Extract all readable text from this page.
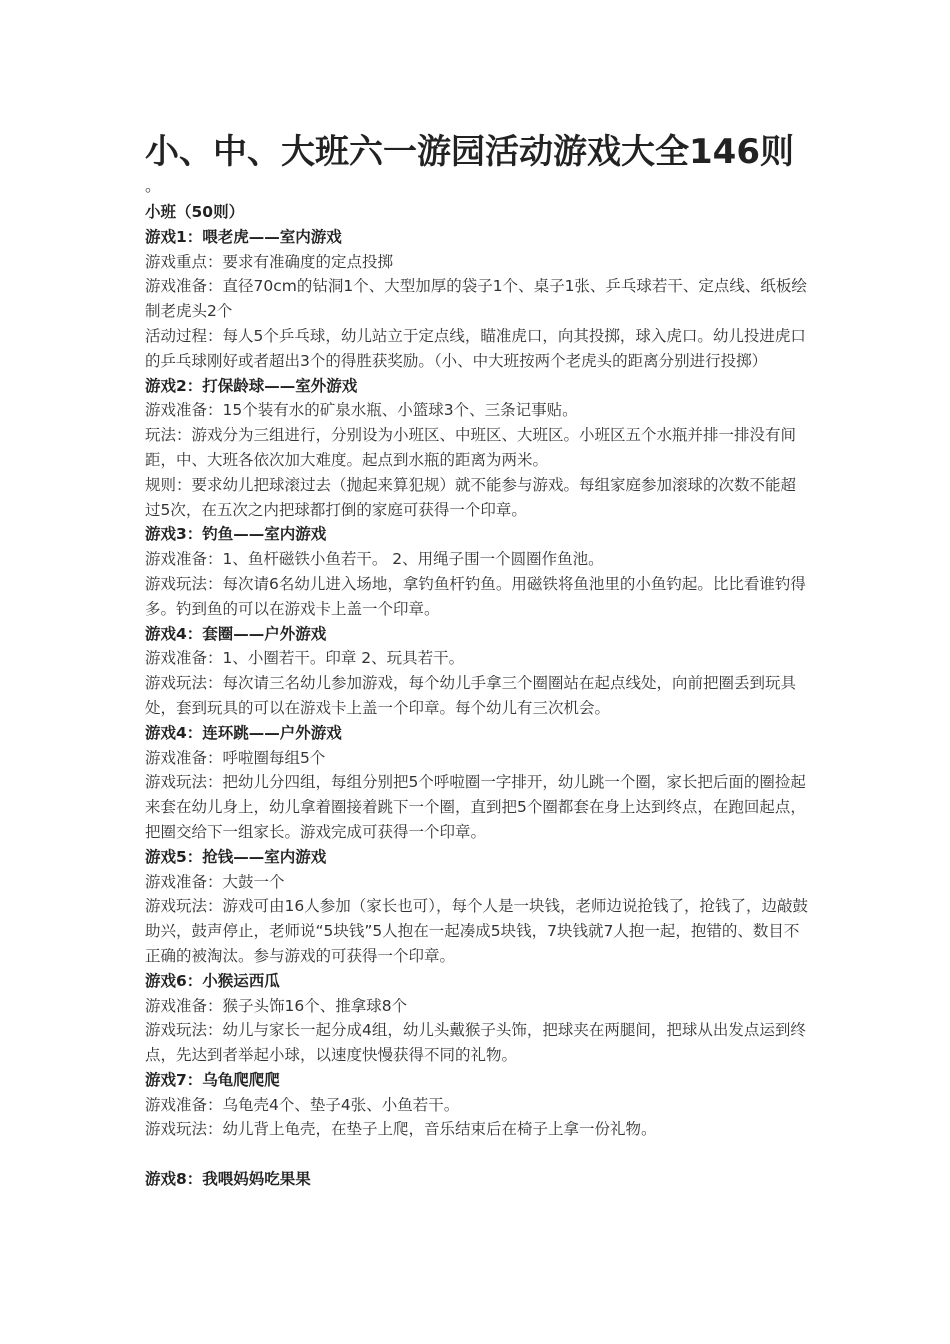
小、中、大班六一游园活动游戏大全146则
。

小班（50则）

游戏1：喂老虎——室内游戏

游戏重点：要求有准确度的定点投掷

游戏准备：直径70cm的钻洞1个、大型加厚的袋子1个、桌子1张、乒乓球若干、定点线、纸板绘制老虎头2个

活动过程：每人5个乒乓球，幼儿站立于定点线，瞄准虎口，向其投掷，球入虎口。幼儿投进虎口的乒乓球刚好或者超出3个的得胜获奖励。（小、中大班按两个老虎头的距离分别进行投掷）

游戏2：打保龄球——室外游戏

游戏准备：15个装有水的矿泉水瓶、小篮球3个、三条记事贴。

玩法：游戏分为三组进行，分别设为小班区、中班区、大班区。小班区五个水瓶并排一排没有间距，中、大班各依次加大难度。起点到水瓶的距离为两米。

规则：要求幼儿把球滚过去（抛起来算犯规）就不能参与游戏。每组家庭参加滚球的次数不能超过5次，在五次之内把球都打倒的家庭可获得一个印章。

游戏3：钓鱼——室内游戏

游戏准备：1、鱼杆磁铁小鱼若干。 2、用绳子围一个圆圈作鱼池。

游戏玩法：每次请6名幼儿进入场地，拿钓鱼杆钓鱼。用磁铁将鱼池里的小鱼钓起。比比看谁钓得多。钓到鱼的可以在游戏卡上盖一个印章。

游戏4：套圈——户外游戏

游戏准备：1、小圈若干。印章 2、玩具若干。

游戏玩法：每次请三名幼儿参加游戏，每个幼儿手拿三个圈圈站在起点线处，向前把圈丢到玩具处，套到玩具的可以在游戏卡上盖一个印章。每个幼儿有三次机会。

游戏4：连环跳——户外游戏

游戏准备：呼啦圈每组5个

游戏玩法：把幼儿分四组，每组分别把5个呼啦圈一字排开，幼儿跳一个圈，家长把后面的圈捡起来套在幼儿身上，幼儿拿着圈接着跳下一个圈，直到把5个圈都套在身上达到终点，在跑回起点，把圈交给下一组家长。游戏完成可获得一个印章。

游戏5：抢钱——室内游戏

游戏准备：大鼓一个

游戏玩法：游戏可由16人参加（家长也可），每个人是一块钱，老师边说抢钱了，抢钱了，边敲鼓助兴，鼓声停止，老师说“5块钱”5人抱在一起凑成5块钱，7块钱就7人抱一起，抱错的、数目不正确的被淘汰。参与游戏的可获得一个印章。

游戏6：小猴运西瓜

游戏准备：猴子头饰16个、推拿球8个

游戏玩法：幼儿与家长一起分成4组，幼儿头戴猴子头饰，把球夹在两腿间，把球从出发点运到终点，先达到者举起小球，以速度快慢获得不同的礼物。

游戏7：乌龟爬爬爬

游戏准备：乌龟壳4个、垫子4张、小鱼若干。

游戏玩法：幼儿背上龟壳，在垫子上爬，音乐结束后在椅子上拿一份礼物。

游戏8：我喂妈妈吃果果
